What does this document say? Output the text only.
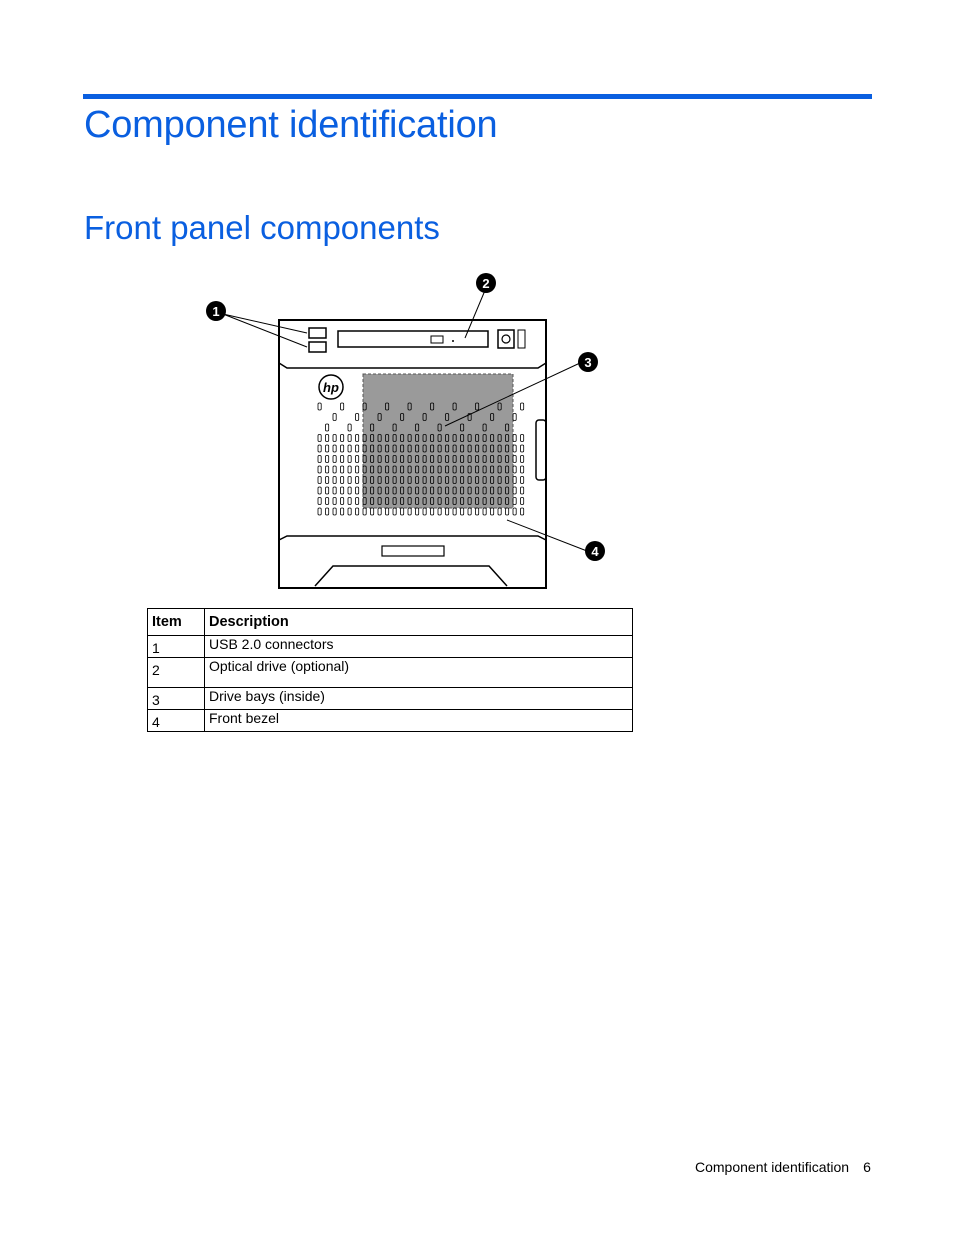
Component identification
Front panel components
hp
1
2
3
4
Item	Description
1	USB 2.0 connectors
2	Optical drive (optional)
3	Drive bays (inside)
4	Front bezel
Component identification 6
